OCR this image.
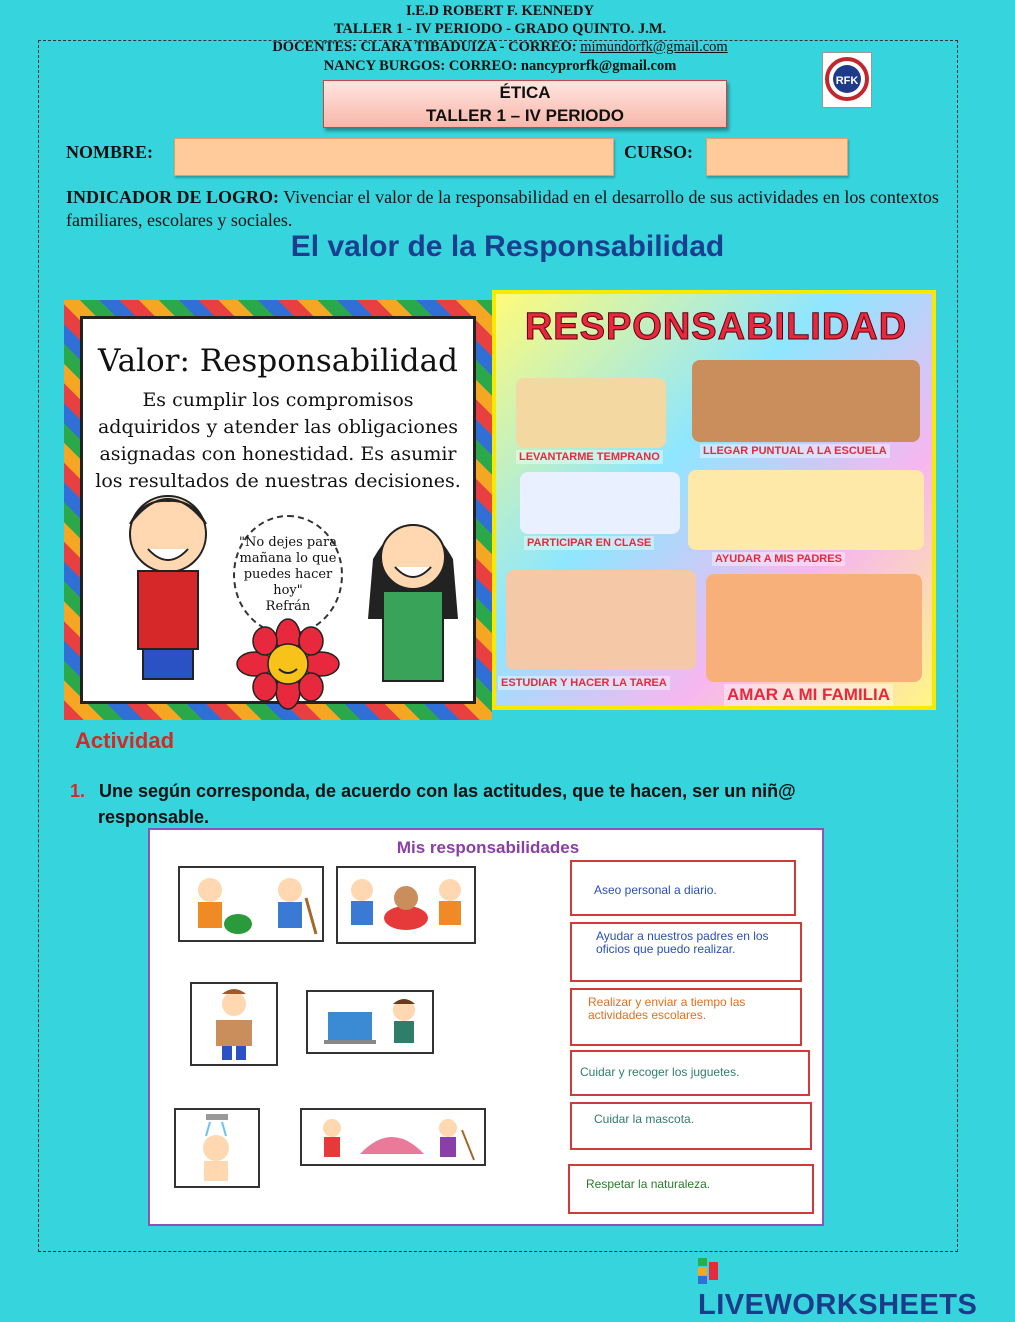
I.E.D ROBERT F. KENNEDY
TALLER 1 - IV PERIODO - GRADO QUINTO. J.M.
DOCENTES: CLARA TIBADUIZA - CORREO: mimundorfk@gmail.com
NANCY BURGOS: CORREO: nancyprorfk@gmail.com
RFK
ÉTICA
TALLER 1 – IV PERIODO
NOMBRE:	CURSO:
INDICADOR DE LOGRO: Vivenciar el valor de la responsabilidad en el desarrollo de sus actividades en los contextos familiares, escolares y sociales.
El valor de la Responsabilidad
Valor: Responsabilidad
Es cumplir los compromisos adquiridos y atender las obligaciones asignadas con honestidad. Es asumir los resultados de nuestras decisiones.
"No dejes para mañana lo que puedes hacer hoy"
Refrán
RESPONSABILIDAD
LEVANTARME TEMPRANO	LLEGAR PUNTUAL A LA ESCUELA
PARTICIPAR EN CLASE
AYUDAR A MIS PADRES
ESTUDIAR Y HACER LA TAREA
AMAR A MI FAMILIA
Actividad
1. Une según corresponda, de acuerdo con las actitudes, que te hacen, ser un niñ@
responsable.
Mis responsabilidades
Aseo personal a diario.
Ayudar a nuestros padres en los oficios que puedo realizar.
Realizar y enviar a tiempo las actividades escolares.
Cuidar y recoger los juguetes.
Cuidar la mascota.
Respetar la naturaleza.
LIVEWORKSHEETS
